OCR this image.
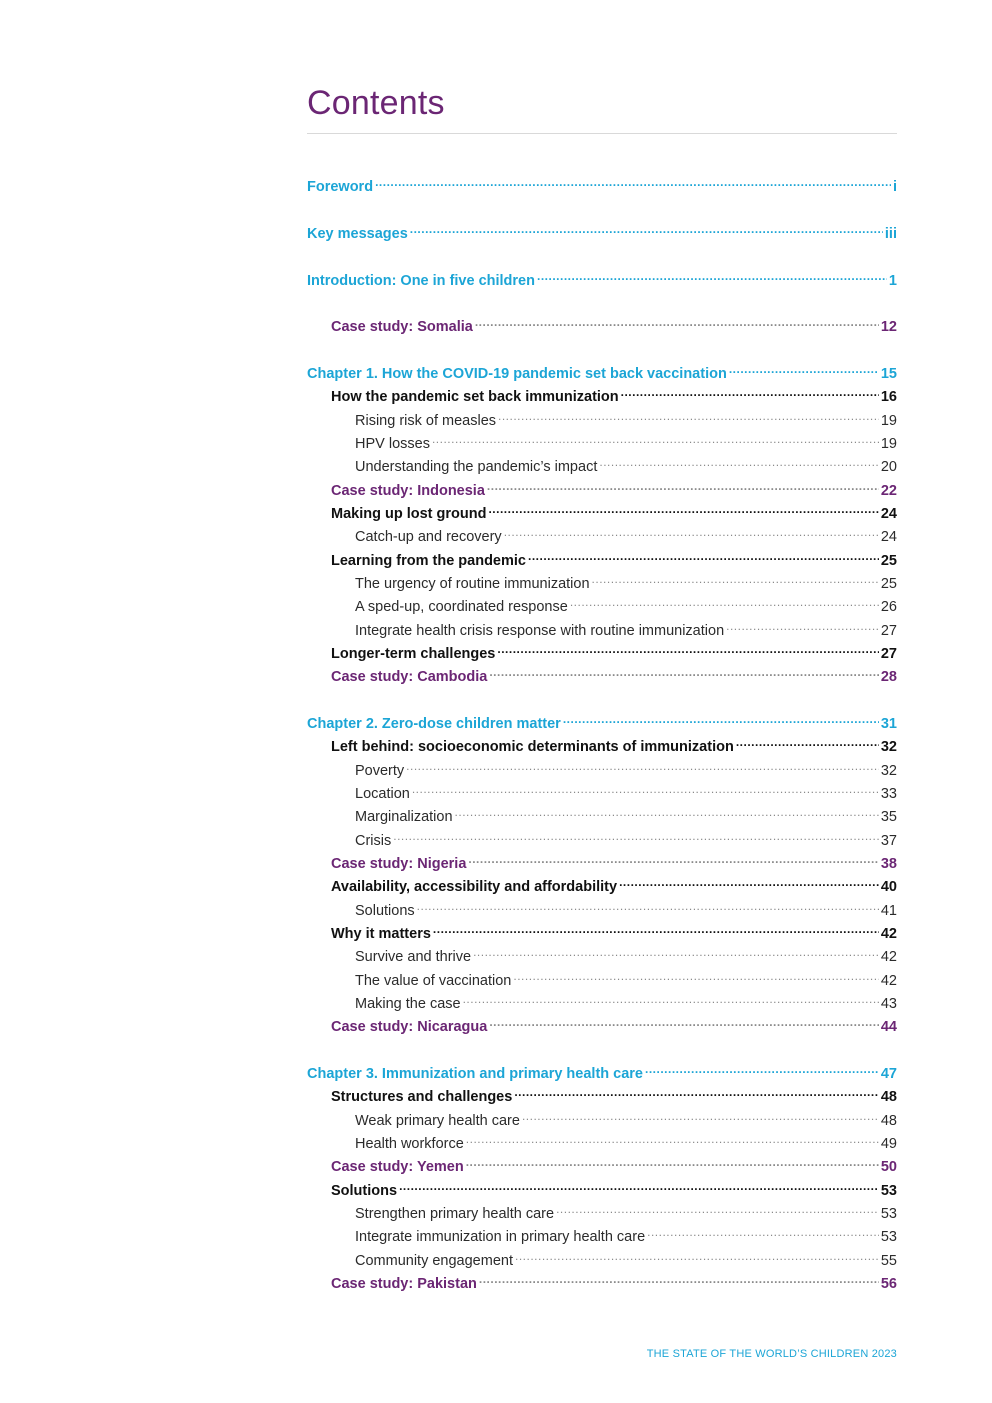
Contents
Foreword .....	i
Key messages .....	iii
Introduction: One in five children .....	1
Case study: Somalia .....	12
Chapter 1. How the COVID-19 pandemic set back vaccination .....	15
How the pandemic set back immunization .....	16
Rising risk of measles .....	19
HPV losses .....	19
Understanding the pandemic’s impact .....	20
Case study: Indonesia .....	22
Making up lost ground .....	24
Catch-up and recovery .....	24
Learning from the pandemic .....	25
The urgency of routine immunization .....	25
A sped-up, coordinated response .....	26
Integrate health crisis response with routine immunization .....	27
Longer-term challenges .....	27
Case study: Cambodia .....	28
Chapter 2. Zero-dose children matter .....	31
Left behind: socioeconomic determinants of immunization .....	32
Poverty .....	32
Location .....	33
Marginalization .....	35
Crisis .....	37
Case study: Nigeria .....	38
Availability, accessibility and affordability .....	40
Solutions .....	41
Why it matters .....	42
Survive and thrive .....	42
The value of vaccination .....	42
Making the case .....	43
Case study: Nicaragua .....	44
Chapter 3. Immunization and primary health care .....	47
Structures and challenges .....	48
Weak primary health care .....	48
Health workforce .....	49
Case study: Yemen .....	50
Solutions .....	53
Strengthen primary health care .....	53
Integrate immunization in primary health care .....	53
Community engagement .....	55
Case study: Pakistan .....	56
THE STATE OF THE WORLD’S CHILDREN 2023
